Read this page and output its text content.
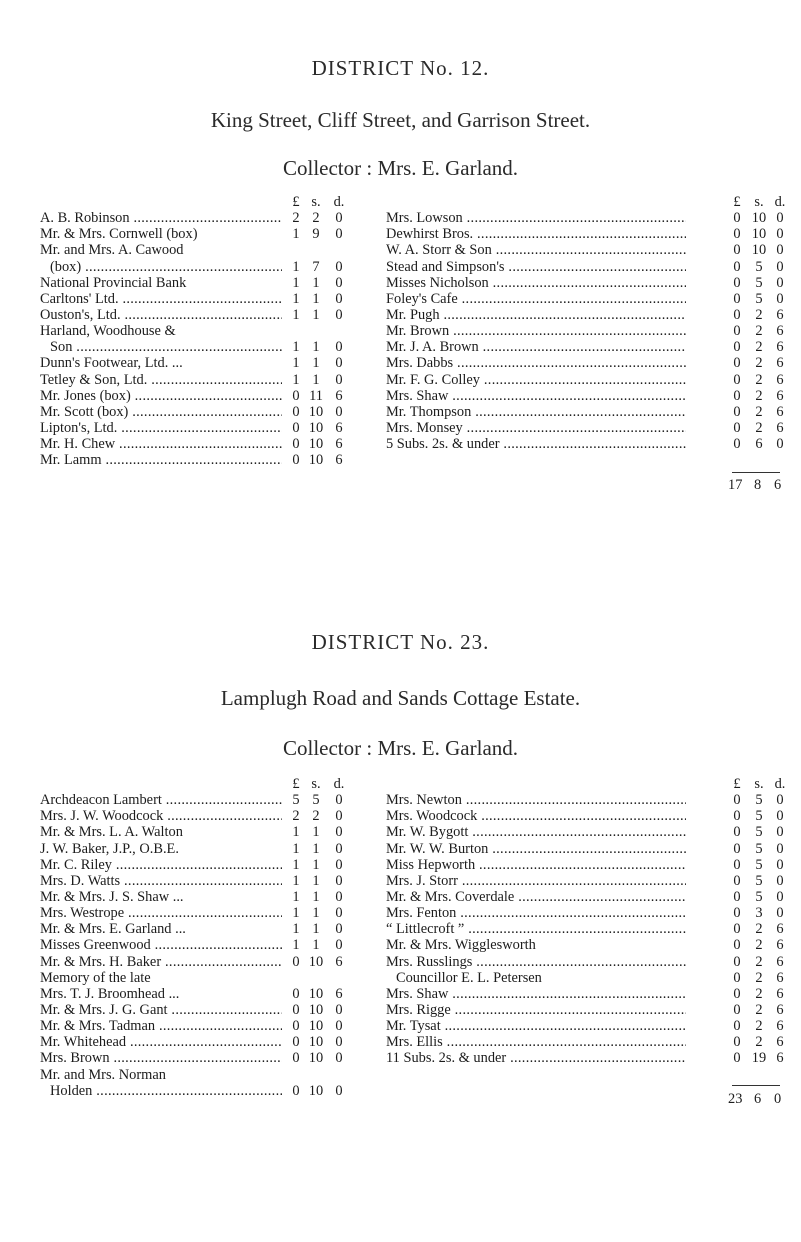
DISTRICT No. 12.
King Street, Cliff Street, and Garrison Street.
Collector : Mrs. E. Garland.
£ s. d.
A. B. Robinson .....	2 2	0
Mr. & Mrs. Cornwell (box)	1 9	0
Mr. and Mrs. A. Cawood
(box) .....	1 7	0
National Provincial Bank	1 1	0
Carltons' Ltd. .....	1 1	0
Ouston's, Ltd. .....	1 1	0
Harland, Woodhouse &
Son .....	1 1	0
Dunn's Footwear, Ltd. ...	1 1	0
Tetley & Son, Ltd. .....	1 1	0
Mr. Jones (box) .....	0 11 6
Mr. Scott (box) .....	0 10 0
Lipton's, Ltd. .....	0 10 6
Mr. H. Chew .....	0 10 6
Mr. Lamm .....	0 10 6
£ s. d.
Mrs. Lowson .....	0 10 0
Dewhirst Bros. .....	0 10 0
W. A. Storr & Son .....	0 10 0
Stead and Simpson's .....	0	5 0
Misses Nicholson .....	0	5 0
Foley's Cafe .....	0	5 0
Mr. Pugh .....	0	2 6
Mr. Brown .....	0	2 6
Mr. J. A. Brown .....	0	2 6
Mrs. Dabbs .....	0	2 6
Mr. F. G. Colley .....	0	2 6
Mrs. Shaw .....	0	2 6
Mr. Thompson .....	0	2 6
Mrs. Monsey .....	0	2 6
5 Subs. 2s. & under .....	0	6 0
17 8 6
DISTRICT No. 23.
Lamplugh Road and Sands Cottage Estate.
Collector : Mrs. E. Garland.
£ s. d.
Archdeacon Lambert .....	5 5	0
Mrs. J. W. Woodcock .....	2 2	0
Mr. & Mrs. L. A. Walton	1 1	0
J. W. Baker, J.P., O.B.E.	1 1	0
Mr. C. Riley .....	1 1	0
Mrs. D. Watts .....	1 1	0
Mr. & Mrs. J. S. Shaw ...	1 1	0
Mrs. Westrope .....	1 1	0
Mr. & Mrs. E. Garland ...	1 1	0
Misses Greenwood .....	1 1	0
Mr. & Mrs. H. Baker .....	0 10 6
Memory of the late
Mrs. T. J. Broomhead ...	0 10 6
Mr. & Mrs. J. G. Gant .....	0 10 0
Mr. & Mrs. Tadman .....	0 10 0
Mr. Whitehead .....	0 10 0
Mrs. Brown .....	0 10 0
Mr. and Mrs. Norman
Holden .....	0 10 0
£ s. d.
Mrs. Newton .....	0	5 0
Mrs. Woodcock .....	0	5 0
Mr. W. Bygott .....	0	5 0
Mr. W. W. Burton .....	0	5 0
Miss Hepworth .....	0	5 0
Mrs. J. Storr .....	0	5 0
Mr. & Mrs. Coverdale .....	0	5 0
Mrs. Fenton .....	0	3 0
“ Littlecroft ” .....	0	2 6
Mr. & Mrs. Wigglesworth	0	2 6
Mrs. Russlings .....	0	2 6
Councillor E. L. Petersen	0	2 6
Mrs. Shaw .....	0	2 6
Mrs. Rigge .....	0	2 6
Mr. Tysat .....	0	2 6
Mrs. Ellis .....	0	2 6
11 Subs. 2s. & under .....	0 19 6
23 6 0
